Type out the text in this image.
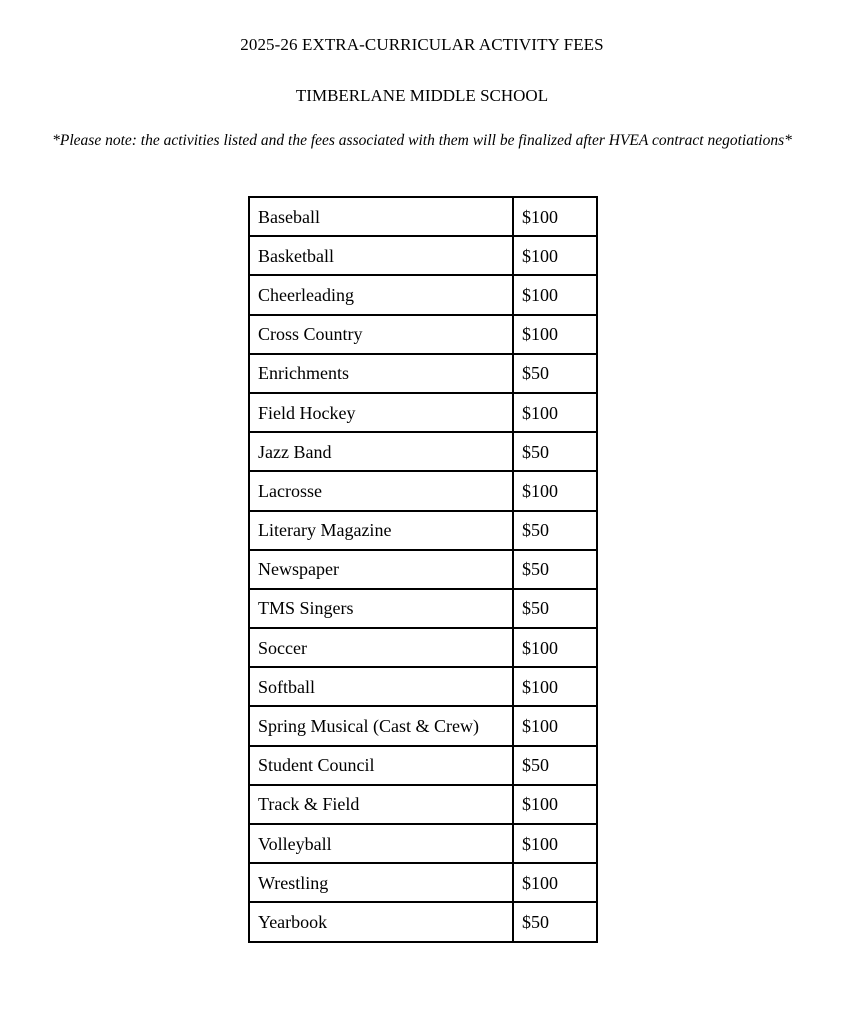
2025-26 EXTRA-CURRICULAR ACTIVITY FEES
TIMBERLANE MIDDLE SCHOOL
*Please note: the activities listed and the fees associated with them will be finalized after HVEA contract negotiations*
Baseball	$100
Basketball	$100
Cheerleading	$100
Cross Country	$100
Enrichments	$50
Field Hockey	$100
Jazz Band	$50
Lacrosse	$100
Literary Magazine	$50
Newspaper	$50
TMS Singers	$50
Soccer	$100
Softball	$100
Spring Musical (Cast & Crew)	$100
Student Council	$50
Track & Field	$100
Volleyball	$100
Wrestling	$100
Yearbook	$50
